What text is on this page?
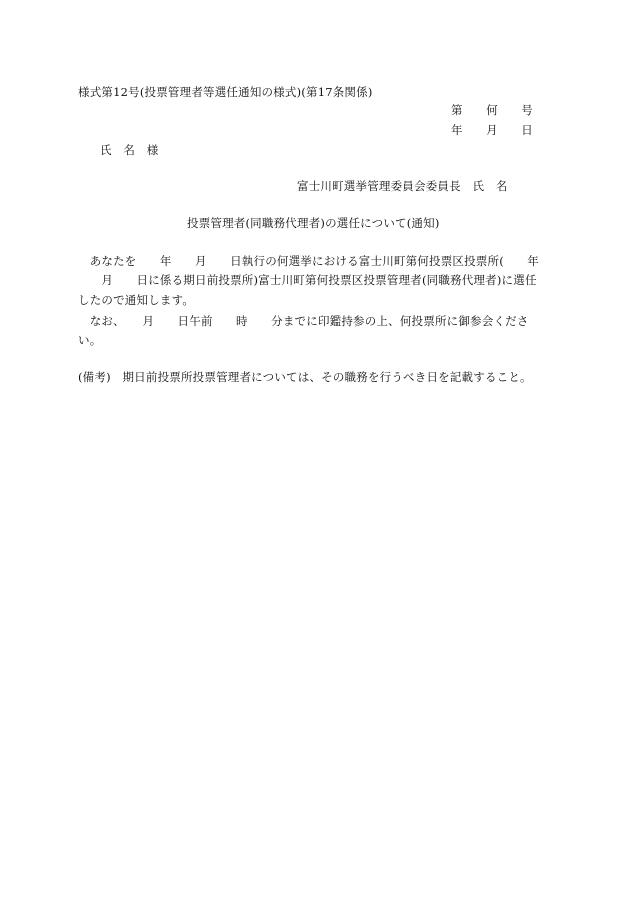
様式第12号(投票管理者等選任通知の様式)(第17条関係)
第　　何　　号
年　　月　　日
氏　名　様
富士川町選挙管理委員会委員長　氏　名
投票管理者(同職務代理者)の選任について(通知)
　あなたを　　年　　月　　日執行の何選挙における富士川町第何投票区投票所(　　年
　　月　　日に係る期日前投票所)富士川町第何投票区投票管理者(同職務代理者)に選任
したので通知します。
　なお、　　月　　日午前　　時　　分までに印鑑持参の上、何投票所に御参会くださ
い。
(備考)　期日前投票所投票管理者については、その職務を行うべき日を記載すること。
